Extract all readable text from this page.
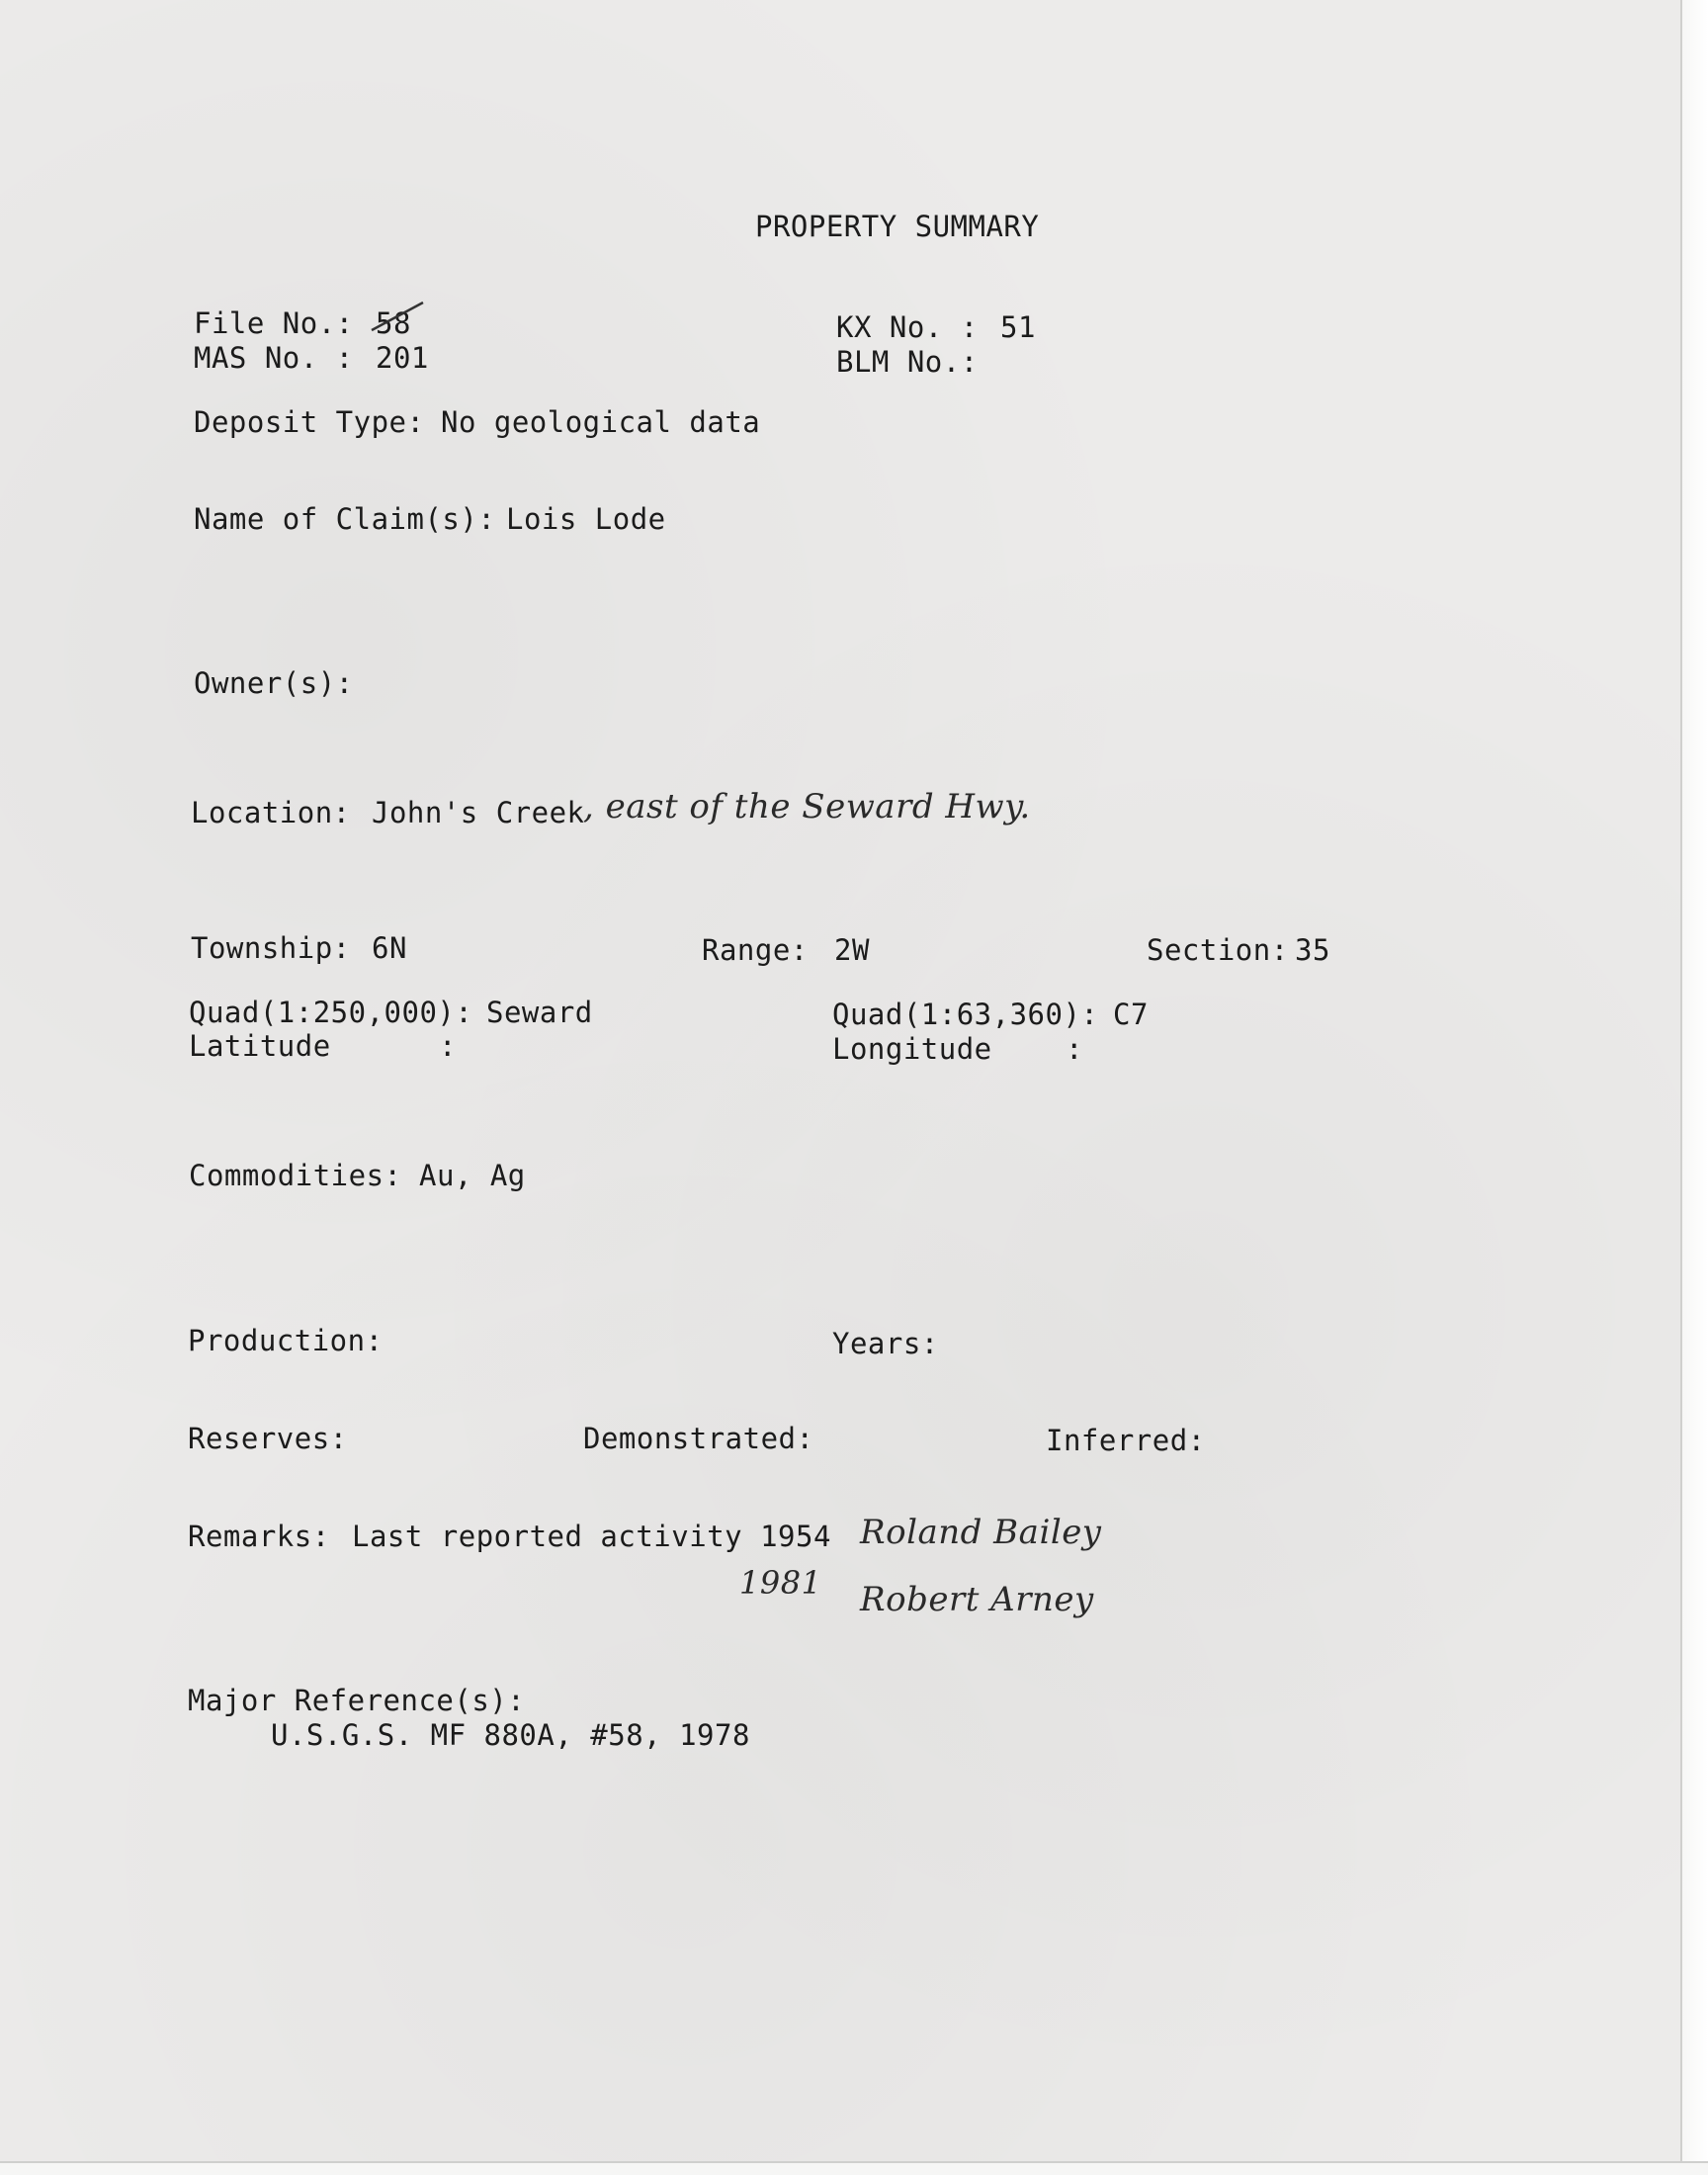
PROPERTY SUMMARY
File No.: 58
MAS No. : 201
KX No. : 51
BLM No.:
Deposit Type: No geological data
Name of Claim(s): Lois Lode
Owner(s):
Location: John's Creek
, east of the Seward Hwy.
Township: 6N	Range: 2W	Section: 35
Quad(1:250,000): Seward	Quad(1:63,360): C7
Latitude	:	Longitude	:
Commodities: Au, Ag
Production:	Years:
Reserves:	Demonstrated:	Inferred:
Remarks: Last reported activity 1954
1981
Roland Bailey
Robert Arney
Major Reference(s):
U.S.G.S. MF 880A, #58, 1978
